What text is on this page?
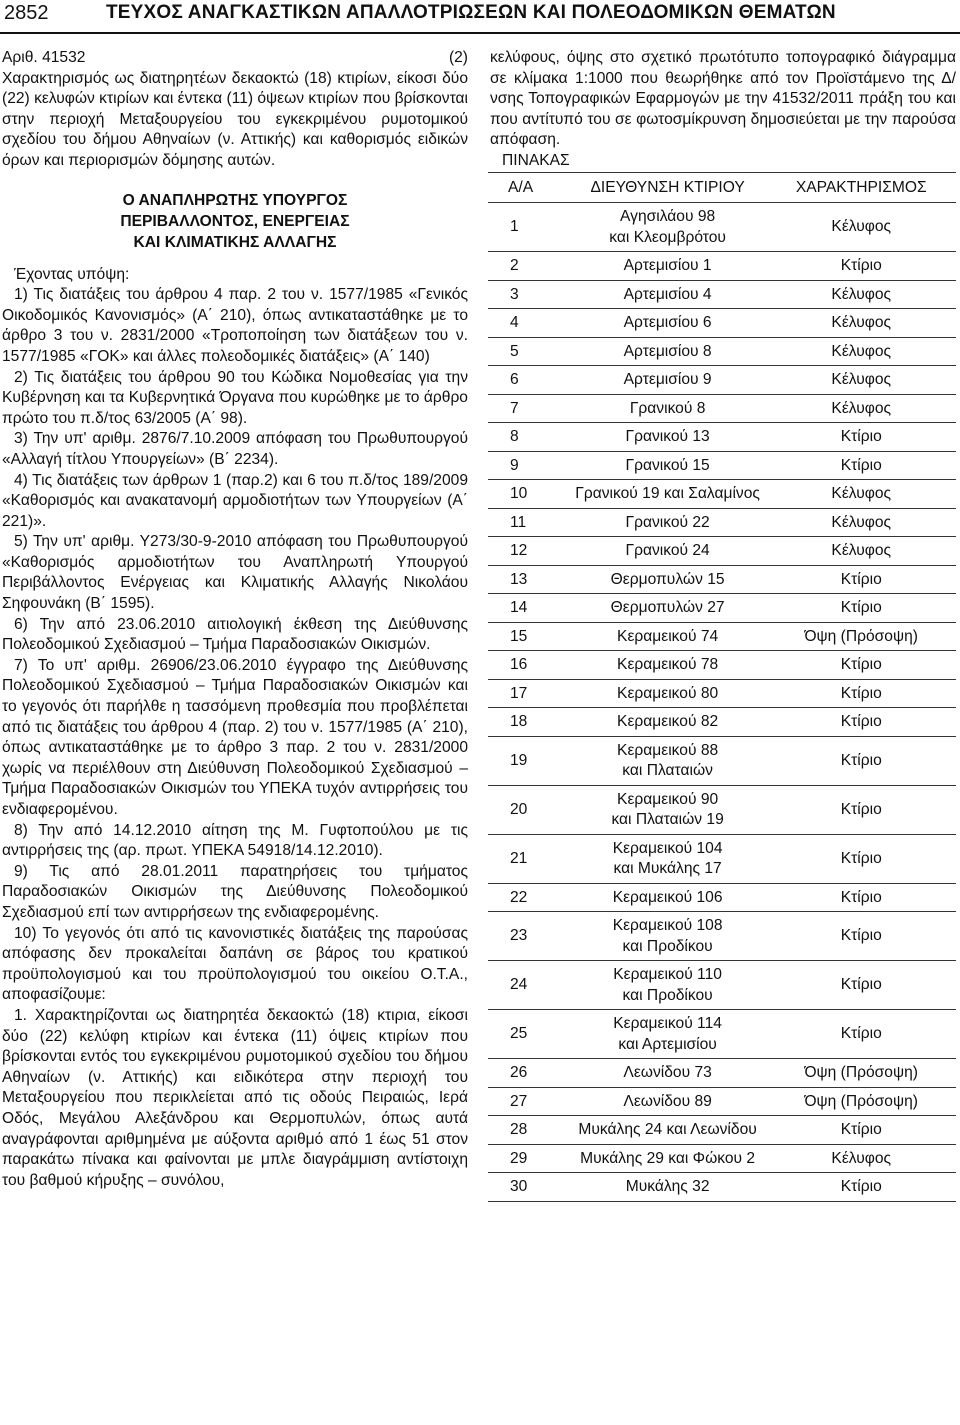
2852	ΤΕΥΧΟΣ ΑΝΑΓΚΑΣΤΙΚΩΝ ΑΠΑΛΛΟΤΡΙΩΣΕΩΝ ΚΑΙ ΠΟΛΕΟΔΟΜΙΚΩΝ ΘΕΜΑΤΩΝ
Αριθ. 41532	(2)

Χαρακτηρισμός ως διατηρητέων δεκαοκτώ (18) κτιρίων, είκοσι δύο (22) κελυφών κτιρίων και έντεκα (11) όψεων κτιρίων που βρίσκονται στην περιοχή Μεταξουργείου του εγκεκριμένου ρυμοτομικού σχεδίου του δήμου Αθηναίων (ν. Αττικής) και καθορισμός ειδικών όρων και περιορισμών δόμησης αυτών.

Ο ΑΝΑΠΛΗΡΩΤΗΣ ΥΠΟΥΡΓΟΣ
ΠΕΡΙΒΑΛΛΟΝΤΟΣ, ΕΝΕΡΓΕΙΑΣ
ΚΑΙ ΚΛΙΜΑΤΙΚΗΣ ΑΛΛΑΓΗΣ

Έχοντας υπόψη:

1) Τις διατάξεις του άρθρου 4 παρ. 2 του ν. 1577/1985 «Γενικός Οικοδομικός Κανονισμός» (Α΄ 210), όπως αντικαταστάθηκε με το άρθρο 3 του ν. 2831/2000 «Τροποποίηση των διατάξεων του ν. 1577/1985 «ΓΟΚ» και άλλες πολεοδομικές διατάξεις» (Α΄ 140)

2) Τις διατάξεις του άρθρου 90 του Κώδικα Νομοθεσίας για την Κυβέρνηση και τα Κυβερνητικά Όργανα που κυρώθηκε με το άρθρο πρώτο του π.δ/τος 63/2005 (Α΄ 98).

3) Την υπ' αριθμ. 2876/7.10.2009 απόφαση του Πρωθυπουργού «Αλλαγή τίτλου Υπουργείων» (Β΄ 2234).

4) Τις διατάξεις των άρθρων 1 (παρ.2) και 6 του π.δ/τος 189/2009 «Καθορισμός και ανακατανομή αρμοδιοτήτων των Υπουργείων (Α΄ 221)».

5) Την υπ' αριθμ. Υ273/30-9-2010 απόφαση του Πρωθυπουργού «Καθορισμός αρμοδιοτήτων του Αναπληρωτή Υπουργού Περιβάλλοντος Ενέργειας και Κλιματικής Αλλαγής Νικολάου Σηφουνάκη (Β΄ 1595).

6) Την από 23.06.2010 αιτιολογική έκθεση της Διεύθυνσης Πολεοδομικού Σχεδιασμού – Τμήμα Παραδοσιακών Οικισμών.

7) Το υπ' αριθμ. 26906/23.06.2010 έγγραφο της Διεύθυνσης Πολεοδομικού Σχεδιασμού – Τμήμα Παραδοσιακών Οικισμών και το γεγονός ότι παρήλθε η τασσόμενη προθεσμία που προβλέπεται από τις διατάξεις του άρθρου 4 (παρ. 2) του ν. 1577/1985 (Α΄ 210), όπως αντικαταστάθηκε με το άρθρο 3 παρ. 2 του ν. 2831/2000 χωρίς να περιέλθουν στη Διεύθυνση Πολεοδομικού Σχεδιασμού – Τμήμα Παραδοσιακών Οικισμών του ΥΠΕΚΑ τυχόν αντιρρήσεις του ενδιαφερομένου.

8) Την από 14.12.2010 αίτηση της Μ. Γυφτοπούλου με τις αντιρρήσεις της (αρ. πρωτ. ΥΠΕΚΑ 54918/14.12.2010).

9) Τις από 28.01.2011 παρατηρήσεις του τμήματος Παραδοσιακών Οικισμών της Διεύθυνσης Πολεοδομικού Σχεδιασμού επί των αντιρρήσεων της ενδιαφερομένης.

10) Το γεγονός ότι από τις κανονιστικές διατάξεις της παρούσας απόφασης δεν προκαλείται δαπάνη σε βάρος του κρατικού προϋπολογισμού και του προϋπολογισμού του οικείου Ο.Τ.Α., αποφασίζουμε:

1. Χαρακτηρίζονται ως διατηρητέα δεκαοκτώ (18) κτιρια, είκοσι δύο (22) κελύφη κτιρίων και έντεκα (11) όψεις κτιρίων που βρίσκονται εντός του εγκεκριμένου ρυμοτομικού σχεδίου του δήμου Αθηναίων (ν. Αττικής) και ειδικότερα στην περιοχή του Μεταξουργείου που περικλείεται από τις οδούς Πειραιώς, Ιερά Οδός, Μεγάλου Αλεξάνδρου και Θερμοπυλών, όπως αυτά αναγράφονται αριθμημένα με αύξοντα αριθμό από 1 έως 51 στον παρακάτω πίνακα και φαίνονται με μπλε διαγράμμιση αντίστοιχη του βαθμού κήρυξης – συνόλου,

κελύφους, όψης στο σχετικό πρωτότυπο τοπογραφικό διάγραμμα σε κλίμακα 1:1000 που θεωρήθηκε από τον Προϊστάμενο της Δ/νσης Τοπογραφικών Εφαρμογών με την 41532/2011 πράξη του και που αντίτυπό του σε φωτοσμίκρυνση δημοσιεύεται με την παρούσα απόφαση.

ΠΙΝΑΚΑΣ

Α/Α	ΔΙΕΥΘΥΝΣΗ ΚΤΙΡΙΟΥ	ΧΑΡΑΚΤΗΡΙΣΜΟΣ
1	Αγησιλάου 98
και Κλεομβρότου	Κέλυφος
2	Αρτεμισίου 1	Κτίριο
3	Αρτεμισίου 4	Κέλυφος
4	Αρτεμισίου 6	Κέλυφος
5	Αρτεμισίου 8	Κέλυφος
6	Αρτεμισίου 9	Κέλυφος
7	Γρανικού 8	Κέλυφος
8	Γρανικού 13	Κτίριο
9	Γρανικού 15	Κτίριο
10	Γρανικού 19 και Σαλαμίνος	Κέλυφος
11	Γρανικού 22	Κέλυφος
12	Γρανικού 24	Κέλυφος
13	Θερμοπυλών 15	Κτίριο
14	Θερμοπυλών 27	Κτίριο
15	Κεραμεικού 74	Όψη (Πρόσοψη)
16	Κεραμεικού 78	Κτίριο
17	Κεραμεικού 80	Κτίριο
18	Κεραμεικού 82	Κτίριο
19	Κεραμεικού 88
και Πλαταιών	Κτίριο
20	Κεραμεικού 90
και Πλαταιών 19	Κτίριο
21	Κεραμεικού 104
και Μυκάλης 17	Κτίριο
22	Κεραμεικού 106	Κτίριο
23	Κεραμεικού 108
και Προδίκου	Κτίριο
24	Κεραμεικού 110
και Προδίκου	Κτίριο
25	Κεραμεικού 114
και Αρτεμισίου	Κτίριο
26	Λεωνίδου 73	Όψη (Πρόσοψη)
27	Λεωνίδου 89	Όψη (Πρόσοψη)
28	Μυκάλης 24 και Λεωνίδου	Κτίριο
29	Μυκάλης 29 και Φώκου 2	Κέλυφος
30	Μυκάλης 32	Κτίριο
